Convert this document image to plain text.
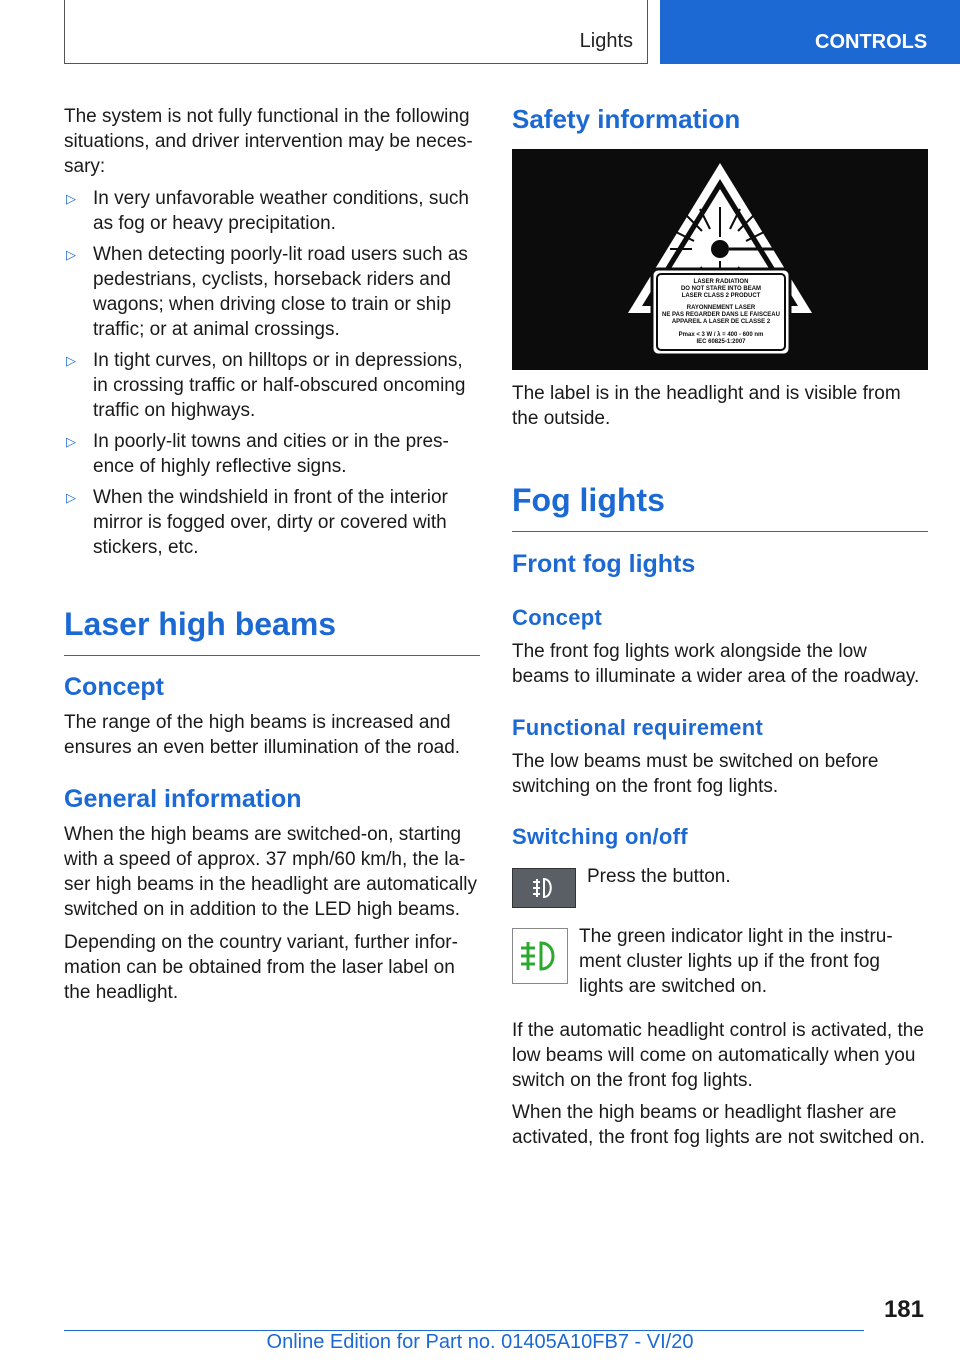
Lights	CONTROLS

The system is not fully functional in the following situations, and driver intervention may be neces-sary:

▷ In very unfavorable weather conditions, such as fog or heavy precipitation.
▷ When detecting poorly-lit road users such as pedestrians, cyclists, horseback riders and wagons; when driving close to train or ship traffic; or at animal crossings.
▷ In tight curves, on hilltops or in depressions, in crossing traffic or half-obscured oncoming traffic on highways.
▷ In poorly-lit towns and cities or in the pres-ence of highly reflective signs.
▷ When the windshield in front of the interior mirror is fogged over, dirty or covered with stickers, etc.
Laser high beams
Concept

The range of the high beams is increased and ensures an even better illumination of the road.

General information

When the high beams are switched-on, starting with a speed of approx. 37 mph/60 km/h, the la-ser high beams in the headlight are automatically switched on in addition to the LED high beams.

Depending on the country variant, further infor-mation can be obtained from the laser label on the headlight.

Safety information
LASER RADIATION
DO NOT STARE INTO BEAM
LASER CLASS 2 PRODUCT
RAYONNEMENT LASER
NE PAS REGARDER DANS LE FAISCEAU
APPAREIL A LASER DE CLASSE 2
Pmax < 3 W / λ = 400 - 600 nm
IEC 60825-1:2007

The label is in the headlight and is visible from the outside.

Fog lights
Front fog lights
Concept

The front fog lights work alongside the low beams to illuminate a wider area of the roadway.

Functional requirement

The low beams must be switched on before switching on the front fog lights.

Switching on/off

Press the button.

The green indicator light in the instru-ment cluster lights up if the front fog lights are switched on.

If the automatic headlight control is activated, the low beams will come on automatically when you switch on the front fog lights.

When the high beams or headlight flasher are activated, the front fog lights are not switched on.

181
Online Edition for Part no. 01405A10FB7 - VI/20
